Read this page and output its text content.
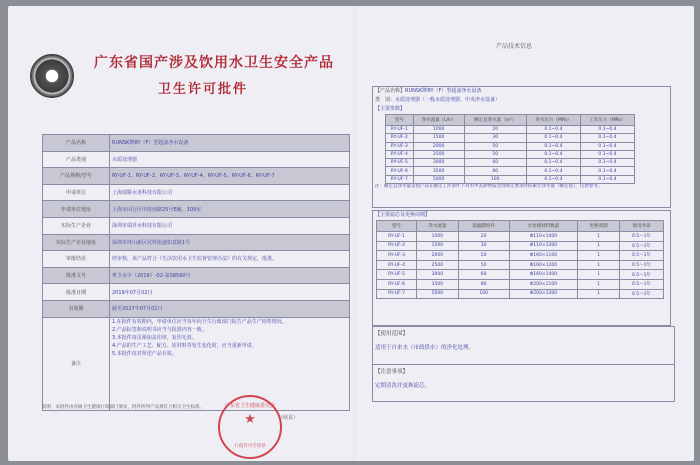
广东省国产涉及饮用水卫生安全产品
卫生许可批件
产品名称	RUNSK牌RY（F）型超滤净水设备
产品类别	水质处理器
产品规格/型号	RY-UF-1、RY-UF-2、RY-UF-3、RY-UF-4、RY-UF-5、RY-UF-6、RY-UF-7
申请单位	上海瑞勝水务科技有限公司
申请单位地址	上海市闵行区申滨南路25号E幢、309室
实际生产企业	深圳市瑞昇水科技有限公司
实际生产企业地址	深圳市坪山新区坑梓街道如意路1号
审批结论	经审核，该产品符合《生活饮用水卫生监督管理办法》的有关规定，批准。
批准文号	粤卫水字（2019）-02-第S8560号
批准日期	2019年07月02日
有效期	截至2027年07月01日
备注	1.在批件有效期内，申请单位应当每年向卫生行政部门报告产品生产销售情况。

2.产品标签和说明书应当与批准内容一致。

3.本批件每页须加盖印章，复印无效。

4.产品的生产工艺、配方、原材料等发生变化时，应当重新申请。

5.本批件仅对所述产品有效。

说明：本批件由省级卫生健康行政部门颁发，批件所列产品须符合相关卫生标准。
（续页）
广东省卫生健康委员会
★
行政许可专用章
产品技术信息
【产品名称】RUNSK牌RY（F）型超滤净水设备
类　别：水质处理器（一般水质处理器、中央净水设备）
【主要参数】
型号	净水流量（L/h）	额定总净水量（m³）	进水压力（MPa）	工作压力（MPa）
RY-UF-1	1000	20	0.1~0.4	0.1~0.4
RY-UF-2	1500	30	0.1~0.4	0.1~0.4
RY-UF-3	2000	50	0.1~0.4	0.1~0.4
RY-UF-4	2500	50	0.1~0.4	0.1~0.4
RY-UF-5	3000	60	0.1~0.4	0.1~0.4
RY-UF-6	3500	80	0.1~0.4	0.1~0.4
RY-UF-7	5000	100	0.1~0.4	0.1~0.4
注：额定总净水量是指产品在额定工作条件下对水中去除物质达到规定要求时的累计净水量（额定值），仅供参考。
【主要滤芯及更换周期】
型号	净水流量	超滤膜组件	水处理材料数量	更换周期	使用寿命
RY-UF-1	1000	20	Φ110×1000	1	0.5～1年
RY-UF-2	1500	30	Φ110×1200	1	0.5～1年
RY-UF-3	2000	50	Φ160×1100	1	0.5～1年
RY-UF-4	2500	50	Φ160×1200	1	0.5～1年
RY-UF-5	3000	60	Φ160×1400	1	0.5～1年
RY-UF-6	3500	80	Φ200×1100	1	0.5～1年
RY-UF-7	5000	100	Φ200×1200	1	0.5～1年
【使用范围】
适用于自来水（市政供水）的净化处理。
【注意事项】
定期清洗并更换滤芯。
